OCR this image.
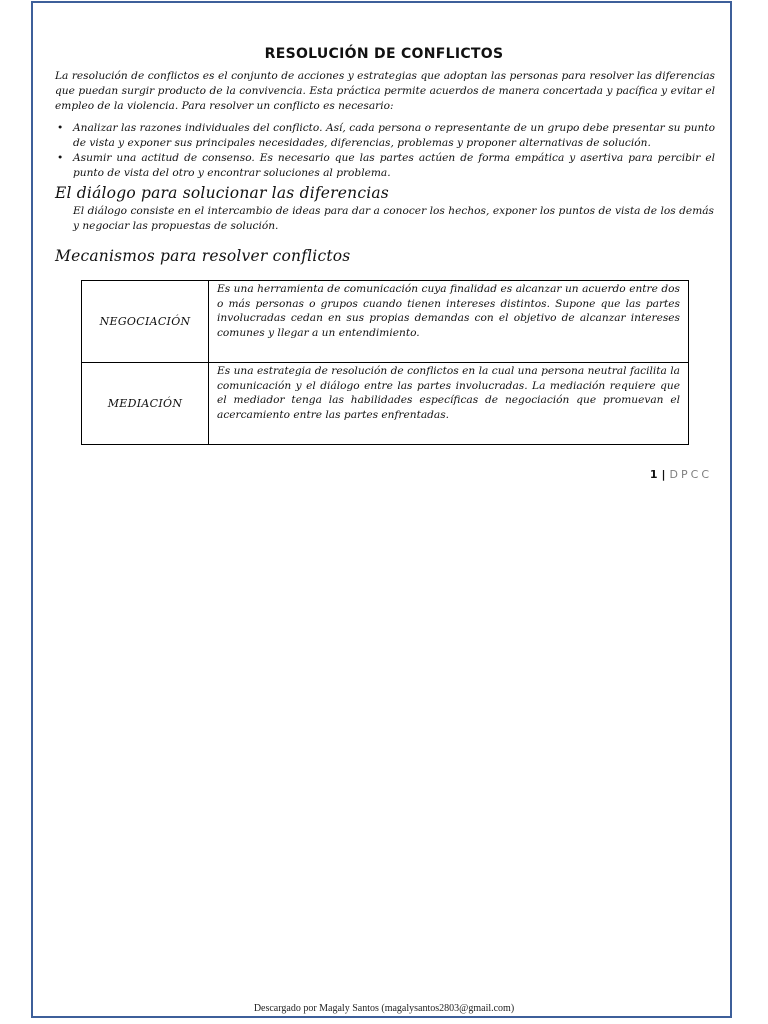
RESOLUCIÓN DE CONFLICTOS

La resolución de conflictos es el conjunto de acciones y estrategias que adoptan las personas para resolver las diferencias que puedan surgir producto de la convivencia. Esta práctica permite acuerdos de manera concertada y pacífica y evitar el empleo de la violencia. Para resolver un conflicto es necesario:

• Analizar las razones individuales del conflicto. Así, cada persona o representante de un grupo debe presentar su punto de vista y exponer sus principales necesidades, diferencias, problemas y proponer alternativas de solución.
• Asumir una actitud de consenso. Es necesario que las partes actúen de forma empática y asertiva para percibir el punto de vista del otro y encontrar soluciones al problema.
El diálogo para solucionar las diferencias

El diálogo consiste en el intercambio de ideas para dar a conocer los hechos, exponer los puntos de vista de los demás y negociar las propuestas de solución.

Mecanismos para resolver conflictos
NEGOCIACIÓN	Es una herramienta de comunicación cuya finalidad es alcanzar un acuerdo entre dos o más personas o grupos cuando tienen intereses distintos. Supone que las partes involucradas cedan en sus propias demandas con el objetivo de alcanzar intereses comunes y llegar a un entendimiento.
MEDIACIÓN	Es una estrategia de resolución de conflictos en la cual una persona neutral facilita la comunicación y el diálogo entre las partes involucradas. La mediación requiere que el mediador tenga las habilidades específicas de negociación que promuevan el acercamiento entre las partes enfrentadas.
1 | DPCC
Descargado por Magaly Santos (magalysantos2803@gmail.com)
